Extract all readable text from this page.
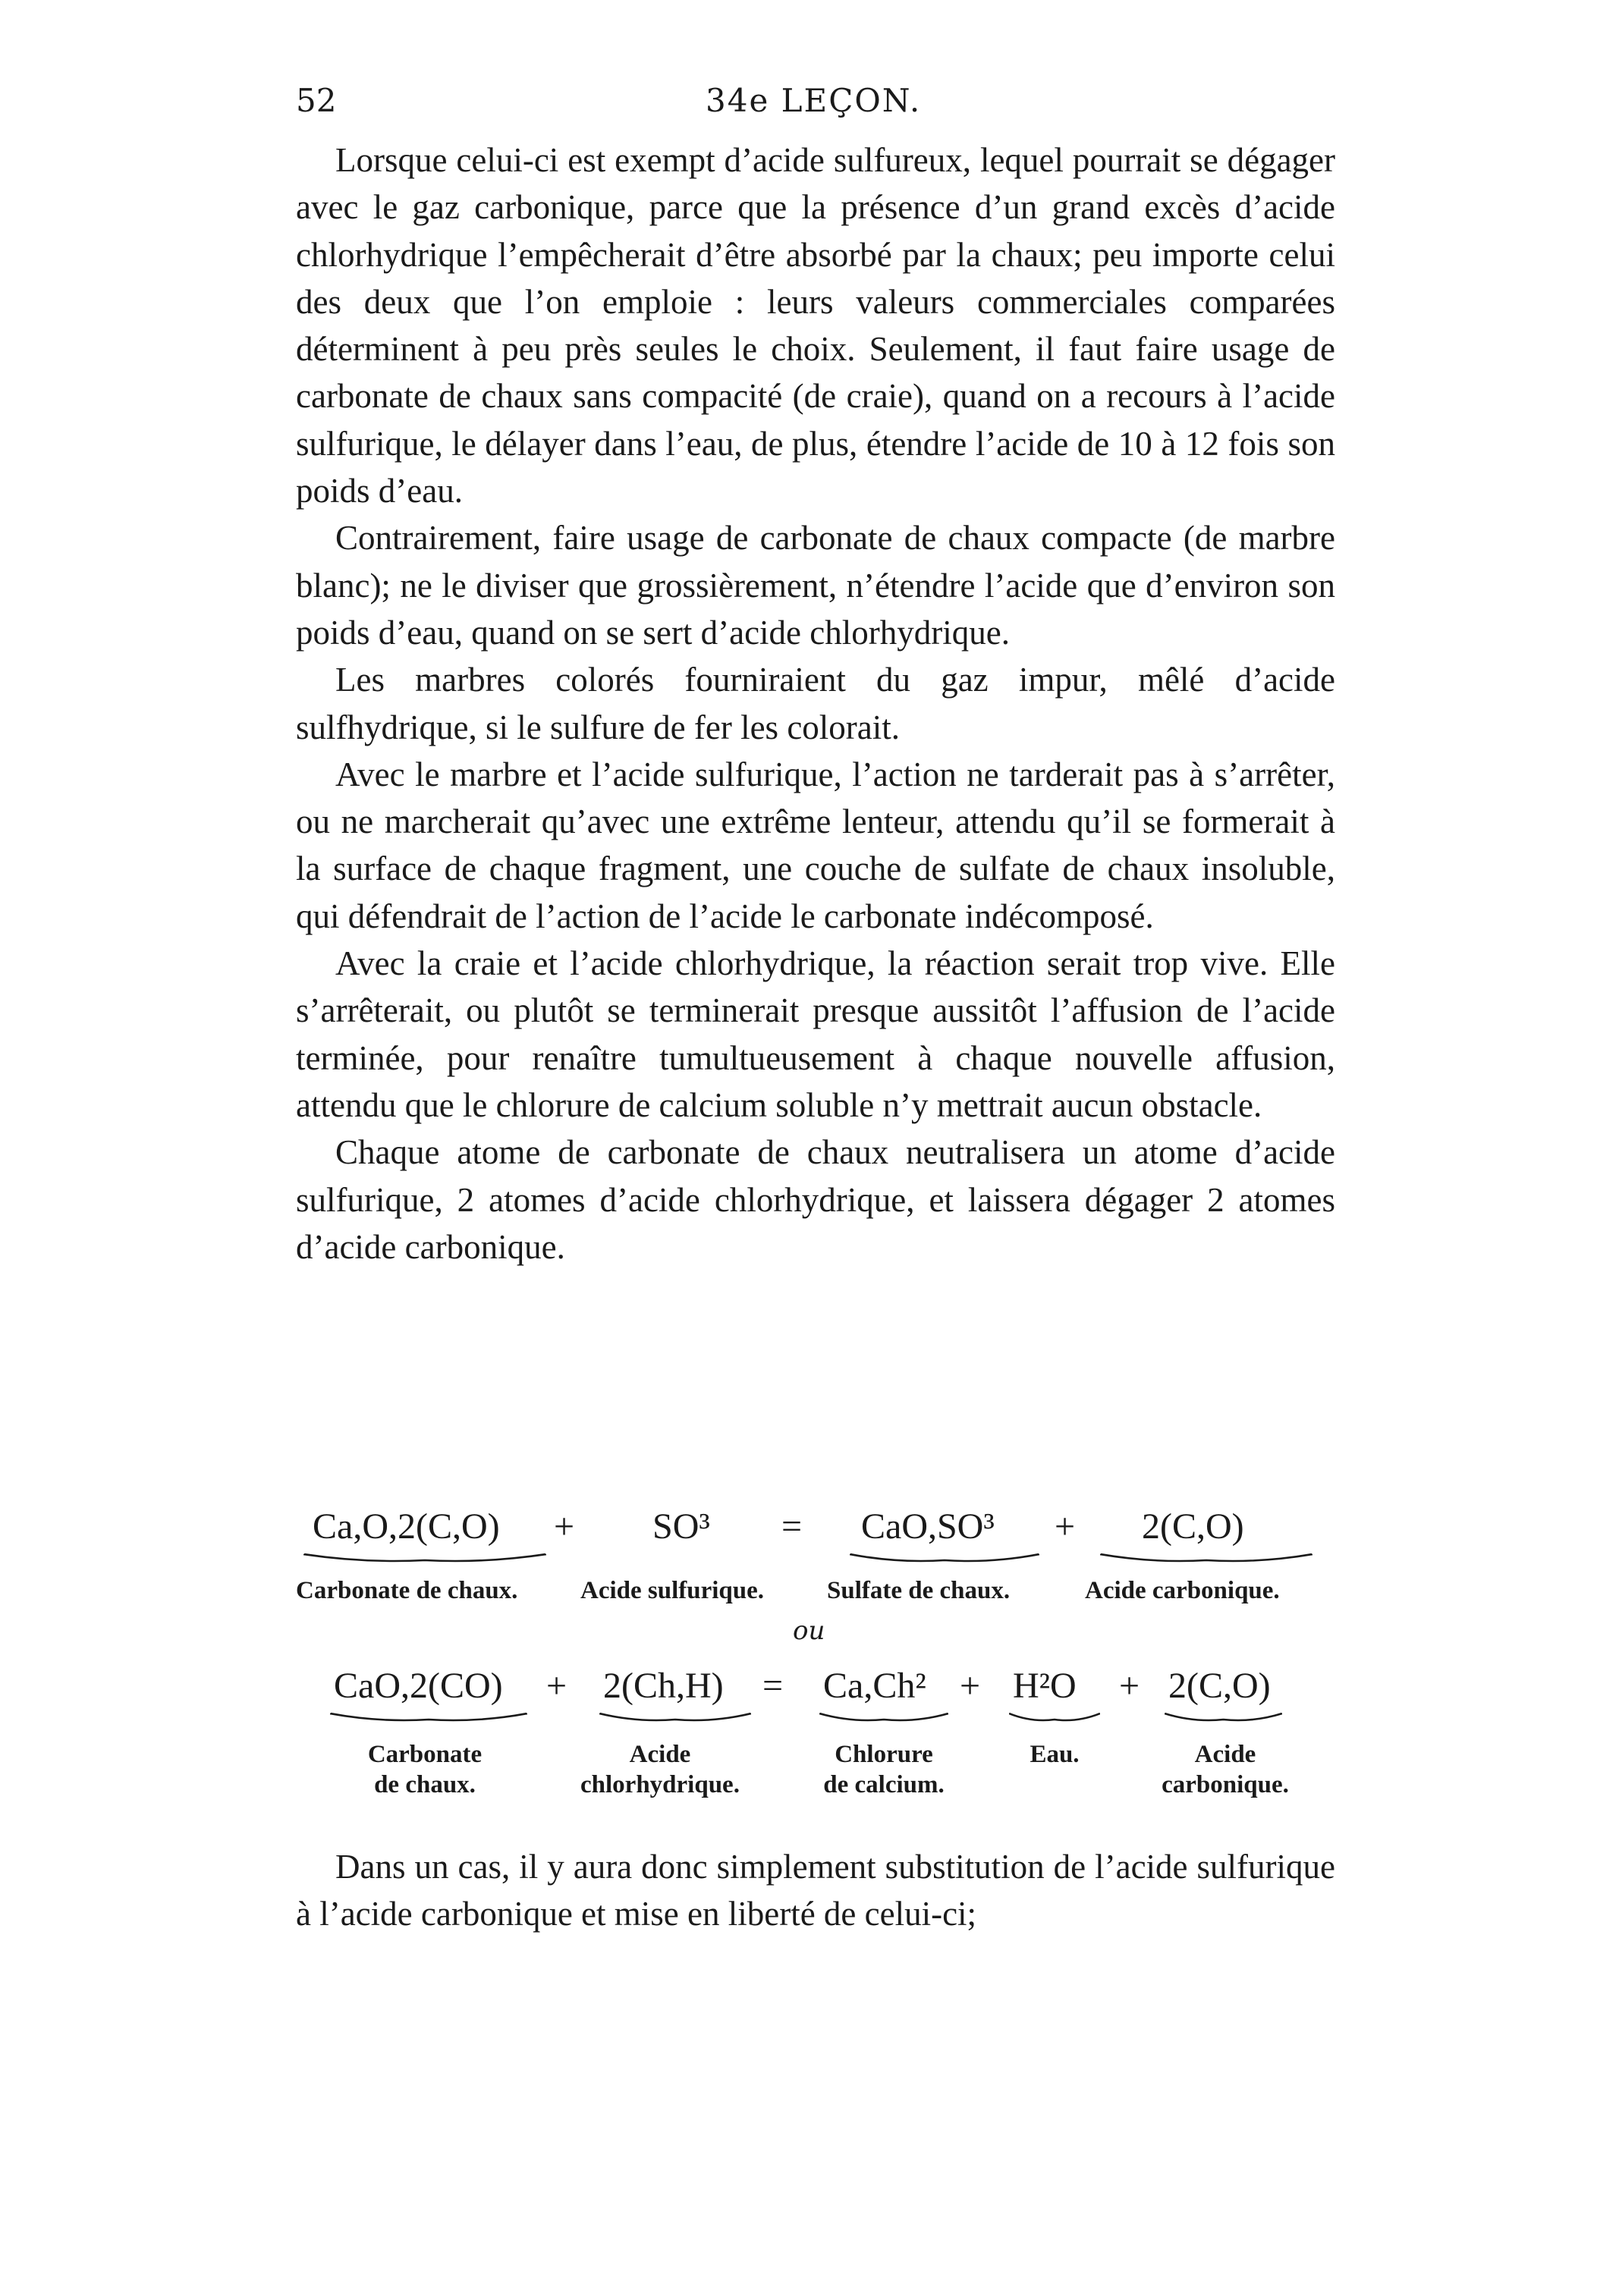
52	34e LEÇON.

Lorsque celui-ci est exempt d’acide sulfureux, lequel pourrait se dégager avec le gaz carbonique, parce que la présence d’un grand excès d’acide chlorhydrique l’empêcherait d’être absorbé par la chaux; peu importe celui des deux que l’on emploie : leurs valeurs commerciales comparées déterminent à peu près seules le choix. Seulement, il faut faire usage de carbonate de chaux sans compacité (de craie), quand on a recours à l’acide sulfurique, le délayer dans l’eau, de plus, étendre l’acide de 10 à 12 fois son poids d’eau.

Contrairement, faire usage de carbonate de chaux compacte (de marbre blanc); ne le diviser que grossièrement, n’étendre l’acide que d’environ son poids d’eau, quand on se sert d’acide chlorhydrique.

Les marbres colorés fourniraient du gaz impur, mêlé d’acide sulfhydrique, si le sulfure de fer les colorait.

Avec le marbre et l’acide sulfurique, l’action ne tarderait pas à s’arrêter, ou ne marcherait qu’avec une extrême lenteur, attendu qu’il se formerait à la surface de chaque fragment, une couche de sulfate de chaux insoluble, qui défendrait de l’action de l’acide le carbonate indécomposé.

Avec la craie et l’acide chlorhydrique, la réaction serait trop vive. Elle s’arrêterait, ou plutôt se terminerait presque aussitôt l’affusion de l’acide terminée, pour renaître tumultueusement à chaque nouvelle affusion, attendu que le chlorure de calcium soluble n’y mettrait aucun obstacle.

Chaque atome de carbonate de chaux neutralisera un atome d’acide sulfurique, 2 atomes d’acide chlorhydrique, et laissera dégager 2 atomes d’acide carbonique.

Ca,O,2(C,O) + SO³ = CaO,SO³ + 2(C,O)
Carbonate de chaux.	Acide sulfurique.	Sulfate de chaux.	Acide carbonique.
ou
CaO,2(CO) + 2(Ch,H) = Ca,Ch² + H²O + 2(C,O)
Carbonate
de chaux.
Acide
chlorhydrique.
Chlorure
de calcium.
Eau.	Acide
carbonique.

Dans un cas, il y aura donc simplement substitution de l’acide sulfurique à l’acide carbonique et mise en liberté de celui-ci;
